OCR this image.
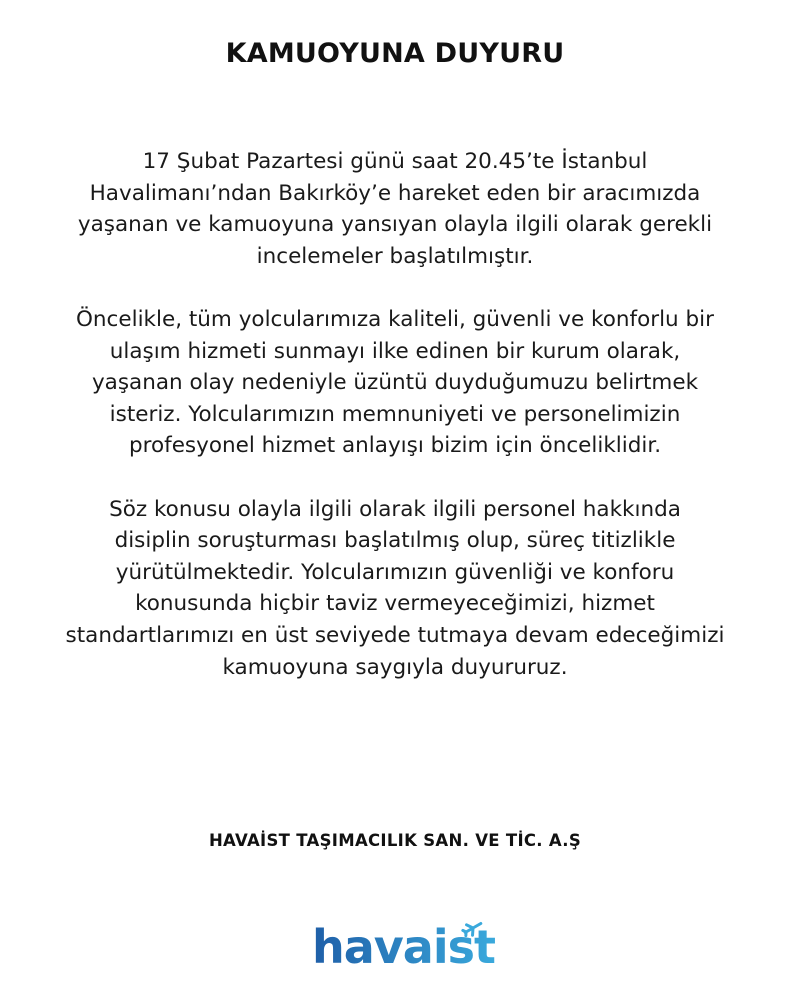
KAMUOYUNA DUYURU

17 Şubat Pazartesi günü saat 20.45’te İstanbul
Havalimanı’ndan Bakırköy’e hareket eden bir aracımızda
yaşanan ve kamuoyuna yansıyan olayla ilgili olarak gerekli
incelemeler başlatılmıştır.

Öncelikle, tüm yolcularımıza kaliteli, güvenli ve konforlu bir
ulaşım hizmeti sunmayı ilke edinen bir kurum olarak,
yaşanan olay nedeniyle üzüntü duyduğumuzu belirtmek
isteriz. Yolcularımızın memnuniyeti ve personelimizin
profesyonel hizmet anlayışı bizim için önceliklidir.

Söz konusu olayla ilgili olarak ilgili personel hakkında
disiplin soruşturması başlatılmış olup, süreç titizlikle
yürütülmektedir. Yolcularımızın güvenliği ve konforu
konusunda hiçbir taviz vermeyeceğimizi, hizmet
standartlarımızı en üst seviyede tutmaya devam edeceğimizi
kamuoyuna saygıyla duyururuz.

HAVAİST TAŞIMACILIK SAN. VE TİC. A.Ş
havaist
